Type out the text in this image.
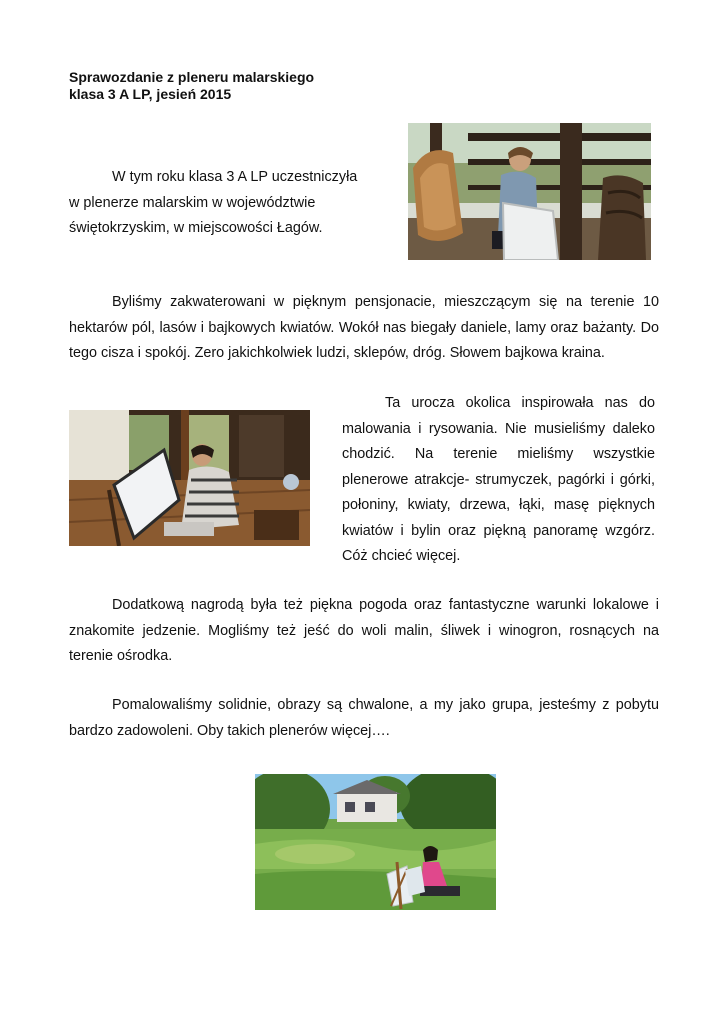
Sprawozdanie z pleneru malarskiego
klasa 3 A LP, jesień 2015

W tym roku klasa 3 A LP uczestniczyła w plenerze malarskim w województwie świętokrzyskim, w miejscowości Łagów.

Byliśmy zakwaterowani w pięknym pensjonacie, mieszczącym się na terenie 10 hektarów pól, lasów i bajkowych kwiatów. Wokół nas biegały daniele, lamy oraz bażanty. Do tego cisza i spokój. Zero jakichkolwiek ludzi, sklepów, dróg. Słowem bajkowa kraina.

Ta urocza okolica inspirowała nas do malowania i rysowania. Nie musieliśmy daleko chodzić. Na terenie mieliśmy wszystkie plenerowe atrakcje- strumyczek, pagórki i górki, połoniny, kwiaty, drzewa, łąki, masę pięknych kwiatów i bylin oraz piękną panoramę wzgórz. Cóż chcieć więcej.

Dodatkową nagrodą była też piękna pogoda oraz fantastyczne warunki lokalowe i znakomite jedzenie. Mogliśmy też jeść do woli malin, śliwek i winogron, rosnących na terenie ośrodka.

Pomalowaliśmy solidnie, obrazy są chwalone, a my jako grupa, jesteśmy z pobytu bardzo zadowoleni. Oby takich plenerów więcej….
